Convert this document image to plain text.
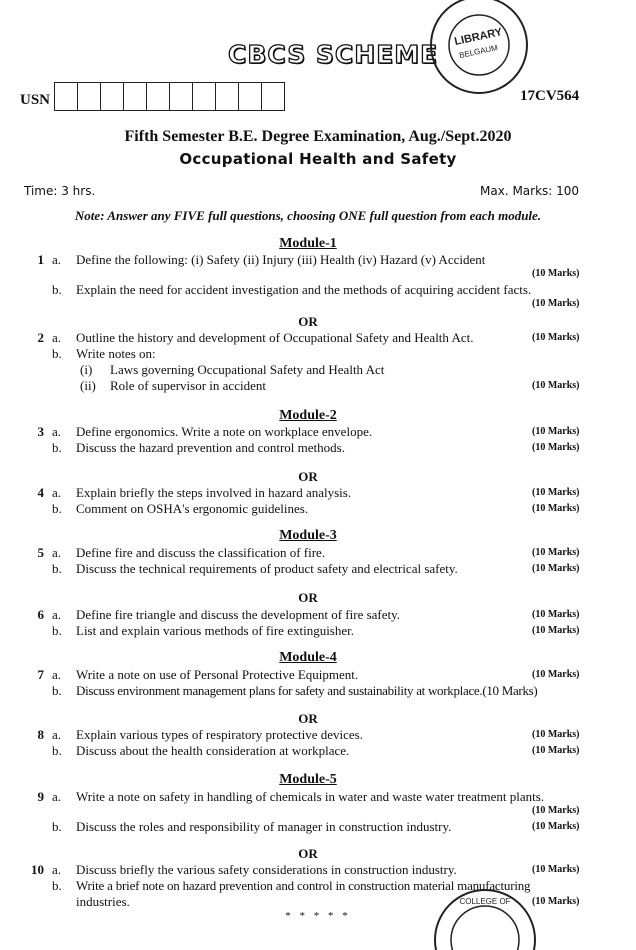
CBCS SCHEME
LIBRARY
BELGAUM
USN	17CV564
Fifth Semester B.E. Degree Examination, Aug./Sept.2020
Occupational Health and Safety
Time: 3 hrs.	Max. Marks: 100
Note: Answer any FIVE full questions, choosing ONE full question from each module.
Module-1
1 a. Define the following: (i) Safety (ii) Injury (iii) Health (iv) Hazard (v) Accident
(10 Marks)
b. Explain the need for accident investigation and the methods of acquiring accident facts.
(10 Marks)
OR
2 a. Outline the history and development of Occupational Safety and Health Act.	(10 Marks)
b. Write notes on:
(i) Laws governing Occupational Safety and Health Act
(ii) Role of supervisor in accident	(10 Marks)
Module-2
3 a. Define ergonomics. Write a note on workplace envelope.	(10 Marks)
b. Discuss the hazard prevention and control methods.	(10 Marks)
OR
4 a. Explain briefly the steps involved in hazard analysis.	(10 Marks)
b. Comment on OSHA's ergonomic guidelines.	(10 Marks)
Module-3
5 a. Define fire and discuss the classification of fire.	(10 Marks)
b. Discuss the technical requirements of product safety and electrical safety.	(10 Marks)
OR
6 a. Define fire triangle and discuss the development of fire safety.	(10 Marks)
b. List and explain various methods of fire extinguisher.	(10 Marks)
Module-4
7 a. Write a note on use of Personal Protective Equipment.	(10 Marks)
b. Discuss environment management plans for safety and sustainability at workplace.(10 Marks)
OR
8 a. Explain various types of respiratory protective devices.	(10 Marks)
b. Discuss about the health consideration at workplace.	(10 Marks)
Module-5
9 a. Write a note on safety in handling of chemicals in water and waste water treatment plants.
(10 Marks)
b. Discuss the roles and responsibility of manager in construction industry.	(10 Marks)
OR
10 a. Discuss briefly the various safety considerations in construction industry.	(10 Marks)
b. Write a brief note on hazard prevention and control in construction material manufacturing
industries.	(10 Marks)
* * * * *
COLLEGE OF
